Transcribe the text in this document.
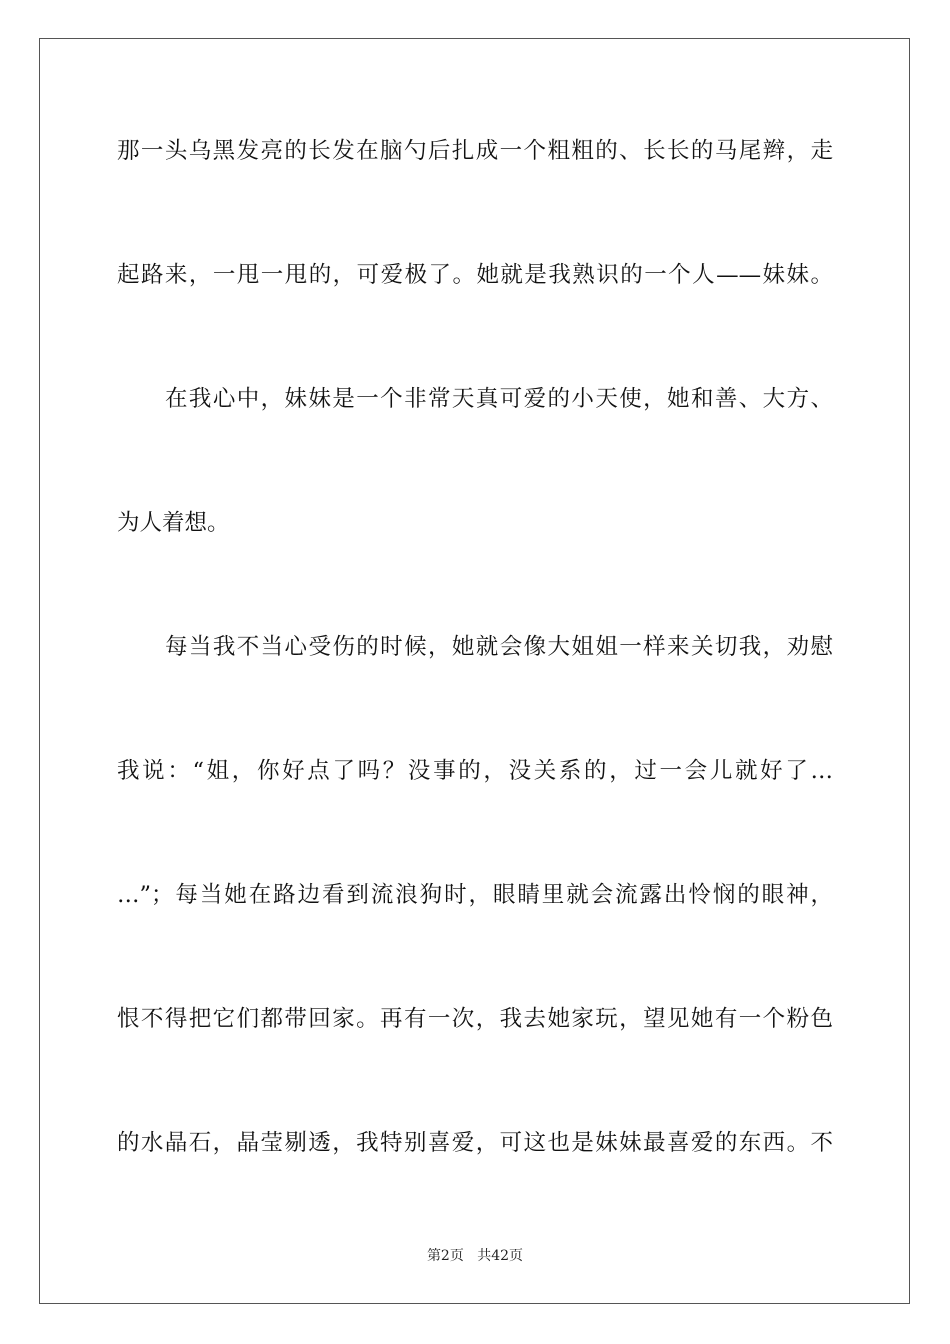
那一头乌黑发亮的长发在脑勺后扎成一个粗粗的、长长的马尾辫，走
起路来，一甩一甩的，可爱极了。她就是我熟识的一个人——妹妹。
在我心中，妹妹是一个非常天真可爱的小天使，她和善、大方、
为人着想。
每当我不当心受伤的时候，她就会像大姐姐一样来关切我，劝慰
我说：“姐，你好点了吗？没事的，没关系的，过一会儿就好了…
…”；每当她在路边看到流浪狗时，眼睛里就会流露出怜悯的眼神，
恨不得把它们都带回家。再有一次，我去她家玩，望见她有一个粉色
的水晶石，晶莹剔透，我特别喜爱，可这也是妹妹最喜爱的东西。不
第2页 共42页
